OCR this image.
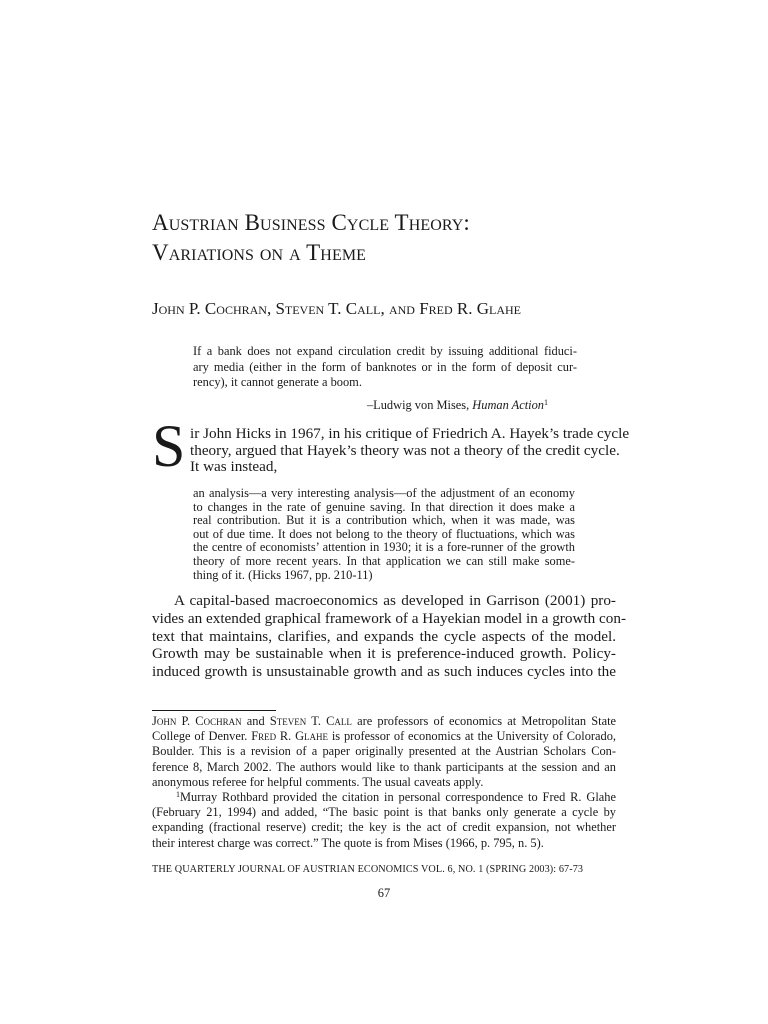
Austrian Business Cycle Theory:
Variations on a Theme
John P. Cochran, Steven T. Call, and Fred R. Glahe
If a bank does not expand circulation credit by issuing additional fiduci-
ary media (either in the form of banknotes or in the form of deposit cur-
rency), it cannot generate a boom.
–Ludwig von Mises, Human Action$^1$
S ir John Hicks in 1967, in his critique of Friedrich A. Hayek’s trade cycle
theory, argued that Hayek’s theory was not a theory of the credit cycle.
It was instead,
an analysis—a very interesting analysis—of the adjustment of an economy
to changes in the rate of genuine saving. In that direction it does make a
real contribution. But it is a contribution which, when it was made, was
out of due time. It does not belong to the theory of fluctuations, which was
the centre of economists’ attention in 1930; it is a fore-runner of the growth
theory of more recent years. In that application we can still make some-
thing of it. (Hicks 1967, pp. 210-11)
A capital-based macroeconomics as developed in Garrison (2001) pro-
vides an extended graphical framework of a Hayekian model in a growth con-
text that maintains, clarifies, and expands the cycle aspects of the model.
Growth may be sustainable when it is preference-induced growth. Policy-
induced growth is unsustainable growth and as such induces cycles into the
John P. Cochran and Steven T. Call are professors of economics at Metropolitan State
College of Denver. Fred R. Glahe is professor of economics at the University of Colorado,
Boulder. This is a revision of a paper originally presented at the Austrian Scholars Con-
ference 8, March 2002. The authors would like to thank participants at the session and an
anonymous referee for helpful comments. The usual caveats apply.
$^1$Murray Rothbard provided the citation in personal correspondence to Fred R. Glahe
(February 21, 1994) and added, “The basic point is that banks only generate a cycle by
expanding (fractional reserve) credit; the key is the act of credit expansion, not whether
their interest charge was correct.” The quote is from Mises (1966, p. 795, n. 5).
THE QUARTERLY JOURNAL OF AUSTRIAN ECONOMICS VOL. 6, NO. 1 (SPRING 2003): 67-73
67
